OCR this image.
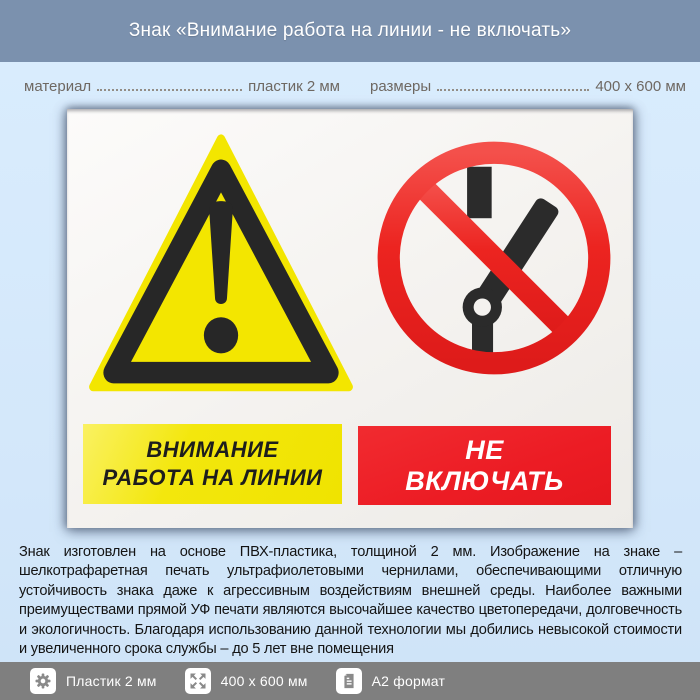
Знак «Внимание работа на линии - не включать»
материал	пластик 2 мм размеры	400 x 600 мм
ВНИМАНИЕ
РАБОТА НА ЛИНИИ
НЕ
ВКЛЮЧАТЬ

Знак изготовлен на основе ПВХ-пластика, толщиной 2 мм. Изображение на знаке – шелкотрафаретная печать ультрафиолетовыми чернилами, обеспечивающими отличную устойчивость знака даже к агрессивным воздействиям внешней среды. Наиболее важными преимуществами прямой УФ печати являются высочайшее качество цветопередачи, долговечность и экологичность. Благодаря использованию данной технологии мы добились невысокой стоимости и увеличенного срока службы – до 5 лет вне помещения

Пластик 2 мм	400 x 600 мм	А2 формат
